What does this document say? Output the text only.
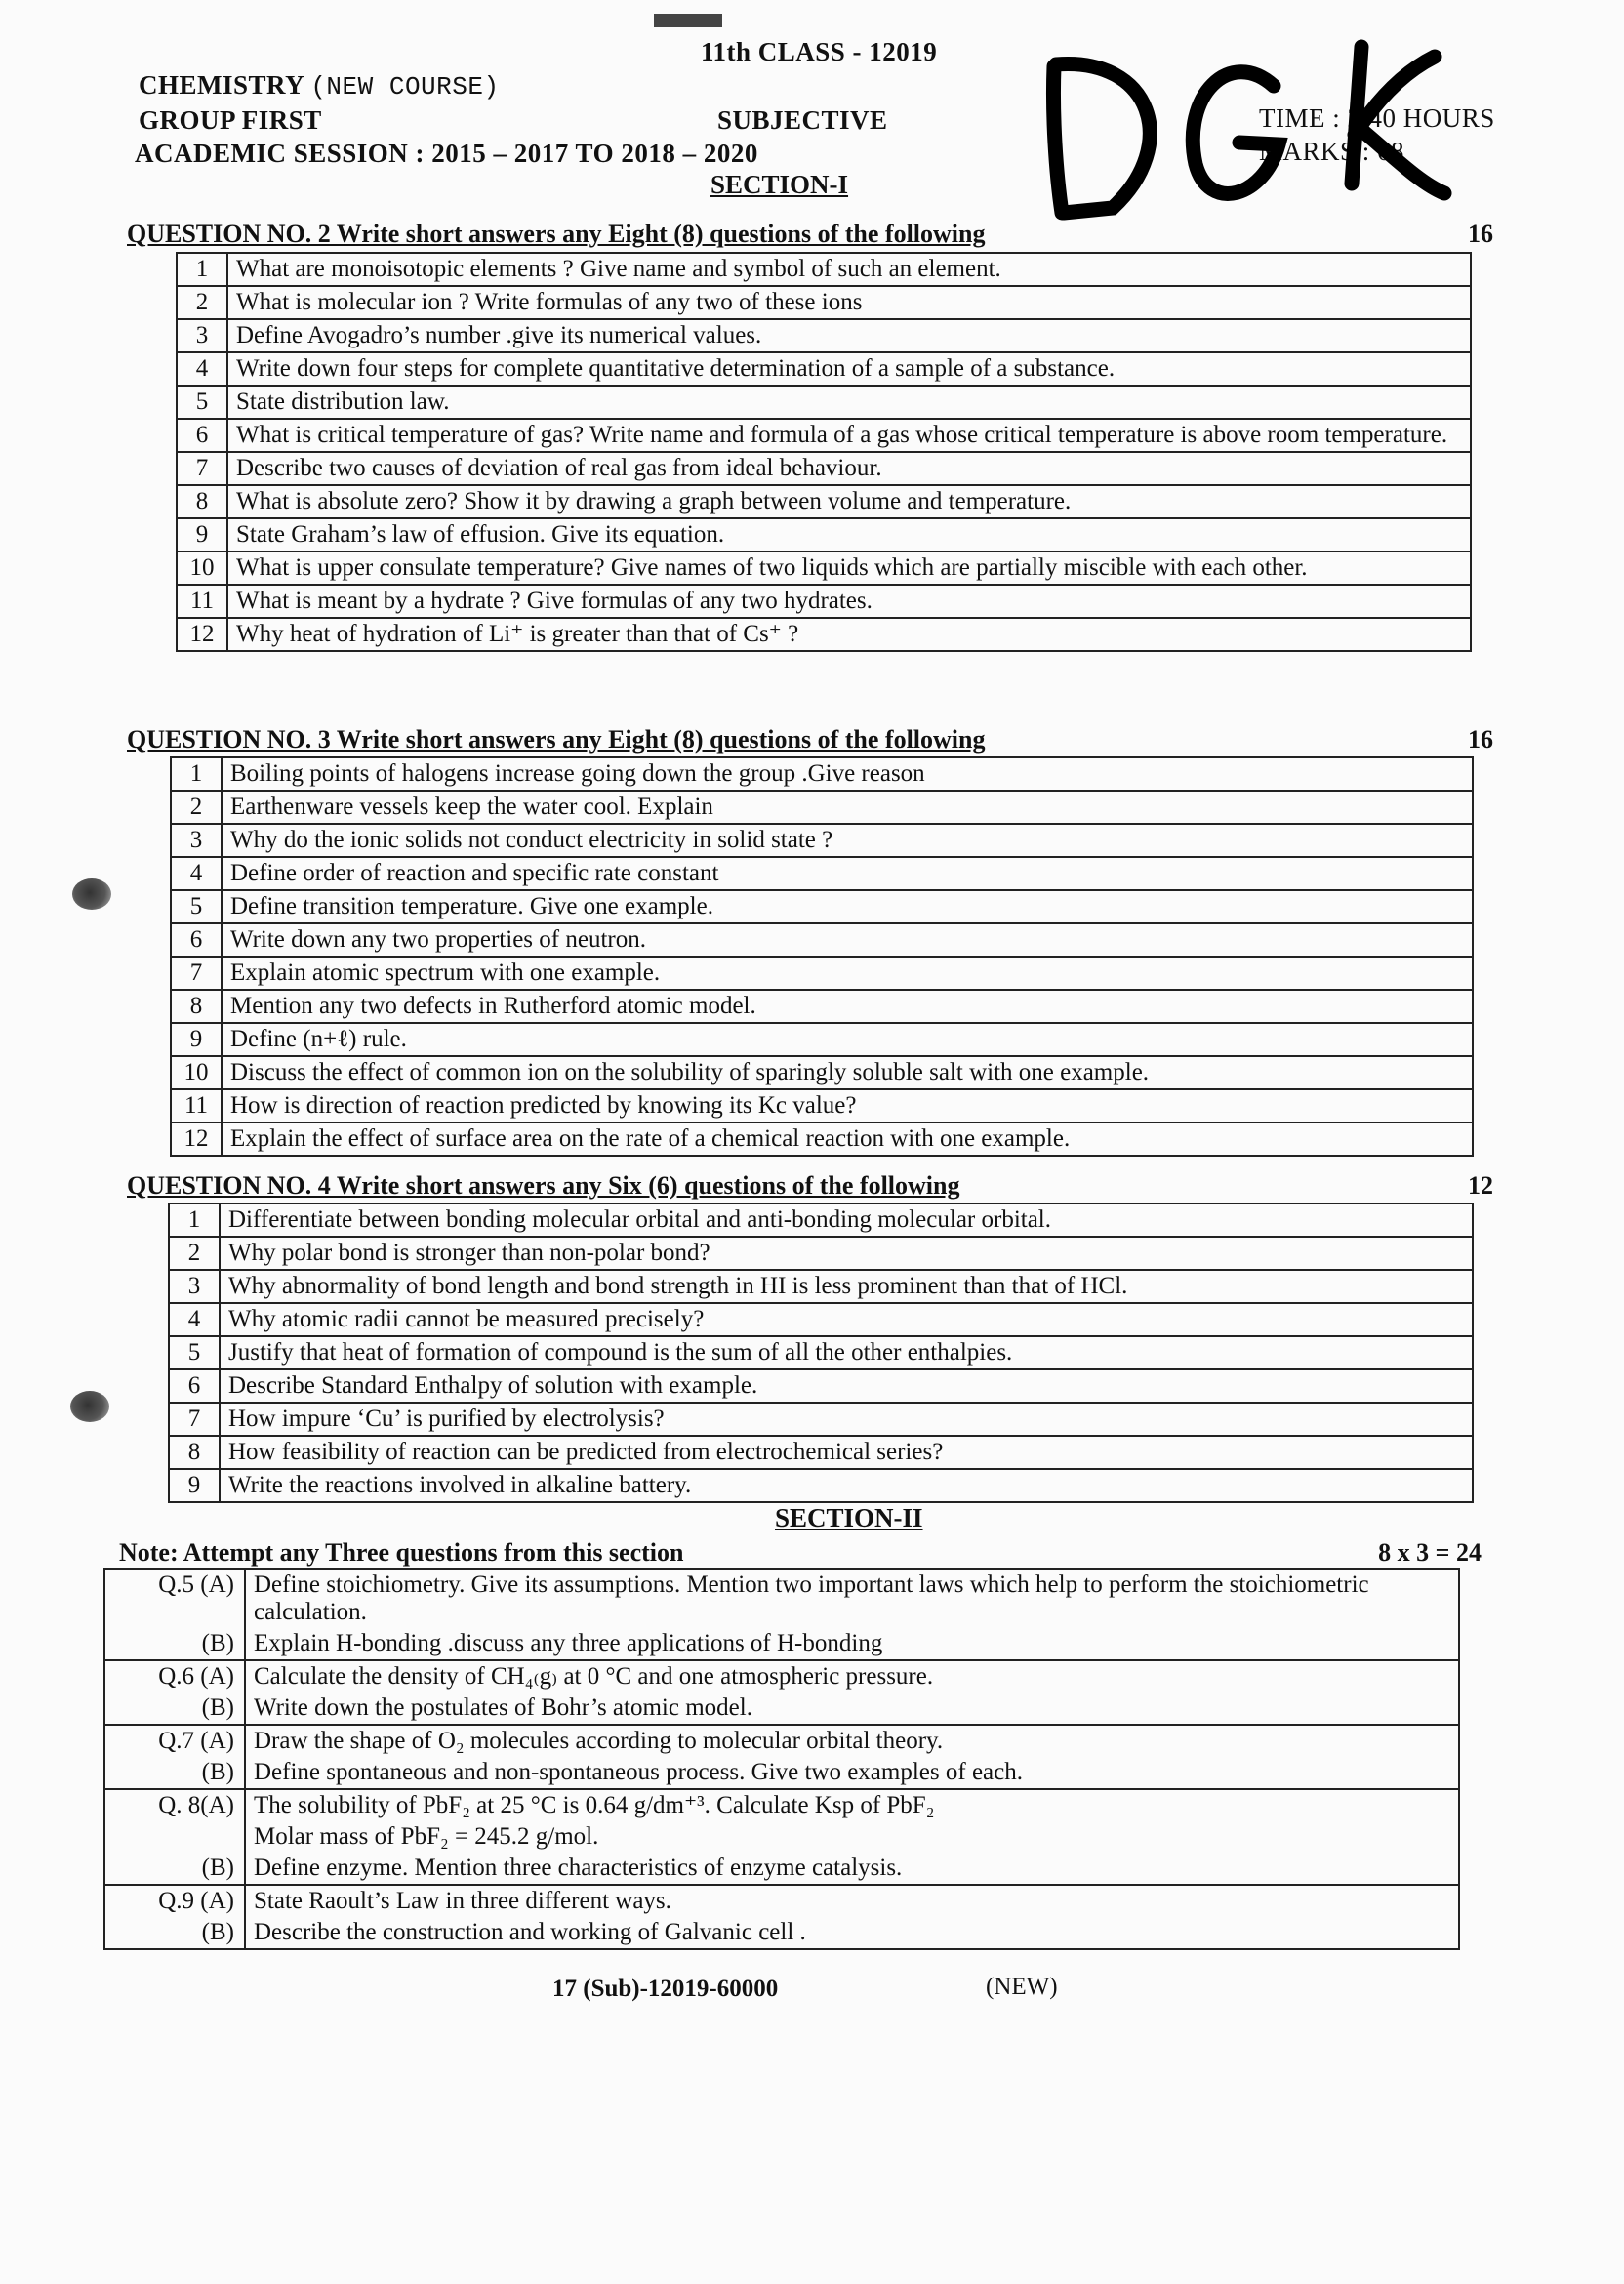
11th CLASS - 12019
CHEMISTRY (NEW COURSE)
GROUP FIRST	SUBJECTIVE
ACADEMIC SESSION : 2015 – 2017 TO 2018 – 2020
TIME : 2:40 HOURS
MARKS : 68
SECTION-I
QUESTION NO. 2 Write short answers any Eight (8) questions of the following	16
1	What are monoisotopic elements ? Give name and symbol of such an element.
2	What is molecular ion ? Write formulas of any two of these ions
3	Define Avogadro’s number .give its numerical values.
4	Write down four steps for complete quantitative determination of a sample of a substance.
5	State distribution law.
6	What is critical temperature of gas? Write name and formula of a gas whose critical temperature is above room temperature.
7	Describe two causes of deviation of real gas from ideal behaviour.
8	What is absolute zero? Show it by drawing a graph between volume and temperature.
9	State Graham’s law of effusion. Give its equation.
10	What is upper consulate temperature? Give names of two liquids which are partially miscible with each other.
11	What is meant by a hydrate ? Give formulas of any two hydrates.
12	Why heat of hydration of Li⁺ is greater than that of Cs⁺ ?
QUESTION NO. 3 Write short answers any Eight (8) questions of the following	16
1	Boiling points of halogens increase going down the group .Give reason
2	Earthenware vessels keep the water cool. Explain
3	Why do the ionic solids not conduct electricity in solid state ?
4	Define order of reaction and specific rate constant
5	Define transition temperature. Give one example.
6	Write down any two properties of neutron.
7	Explain atomic spectrum with one example.
8	Mention any two defects in Rutherford atomic model.
9	Define (n+ℓ) rule.
10	Discuss the effect of common ion on the solubility of sparingly soluble salt with one example.
11	How is direction of reaction predicted by knowing its Kc value?
12	Explain the effect of surface area on the rate of a chemical reaction with one example.
QUESTION NO. 4 Write short answers any Six (6) questions of the following	12
1	Differentiate between bonding molecular orbital and anti-bonding molecular orbital.
2	Why polar bond is stronger than non-polar bond?
3	Why abnormality of bond length and bond strength in HI is less prominent than that of HCl.
4	Why atomic radii cannot be measured precisely?
5	Justify that heat of formation of compound is the sum of all the other enthalpies.
6	Describe Standard Enthalpy of solution with example.
7	How impure ‘Cu’ is purified by electrolysis?
8	How feasibility of reaction can be predicted from electrochemical series?
9	Write the reactions involved in alkaline battery.
SECTION-II
Note: Attempt any Three questions from this section	8 x 3 = 24
Q.5 (A)	Define stoichiometry. Give its assumptions. Mention two important laws which help to perform the stoichiometric calculation.
(B)	Explain H-bonding .discuss any three applications of H-bonding
Q.6 (A)	Calculate the density of CH₄₍g₎ at 0 °C and one atmospheric pressure.
(B)	Write down the postulates of Bohr’s atomic model.
Q.7 (A)	Draw the shape of O₂ molecules according to molecular orbital theory.
(B)	Define spontaneous and non-spontaneous process. Give two examples of each.
Q. 8(A)	The solubility of PbF₂ at 25 °C is 0.64 g/dm⁺³. Calculate Ksp of PbF₂
	Molar mass of PbF₂ = 245.2 g/mol.
(B)	Define enzyme. Mention three characteristics of enzyme catalysis.
Q.9 (A)	State Raoult’s Law in three different ways.
(B)	Describe the construction and working of Galvanic cell .
17 (Sub)-12019-60000	(NEW)
